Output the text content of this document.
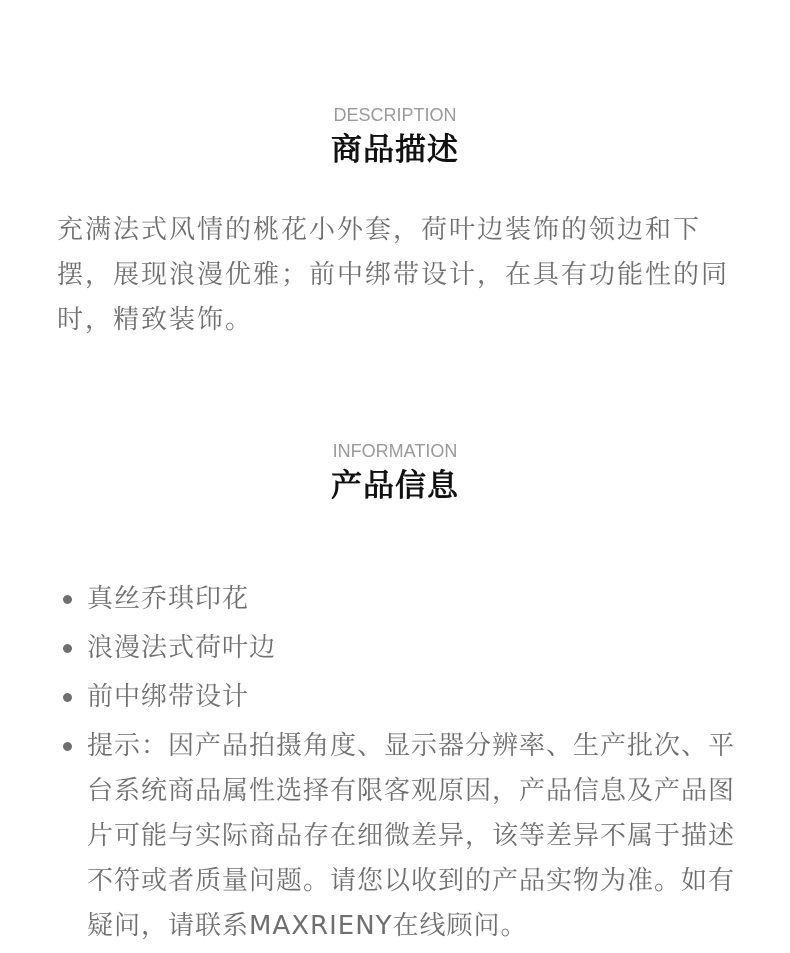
DESCRIPTION
商品描述
充满法式风情的桃花小外套，荷叶边装饰的领边和下摆，展现浪漫优雅；前中绑带设计，在具有功能性的同时，精致装饰。
INFORMATION
产品信息
真丝乔琪印花
浪漫法式荷叶边
前中绑带设计
提示：因产品拍摄角度、显示器分辨率、生产批次、平台系统商品属性选择有限客观原因，产品信息及产品图片可能与实际商品存在细微差异，该等差异不属于描述不符或者质量问题。请您以收到的产品实物为准。如有疑问，请联系MAXRIENY在线顾问。
